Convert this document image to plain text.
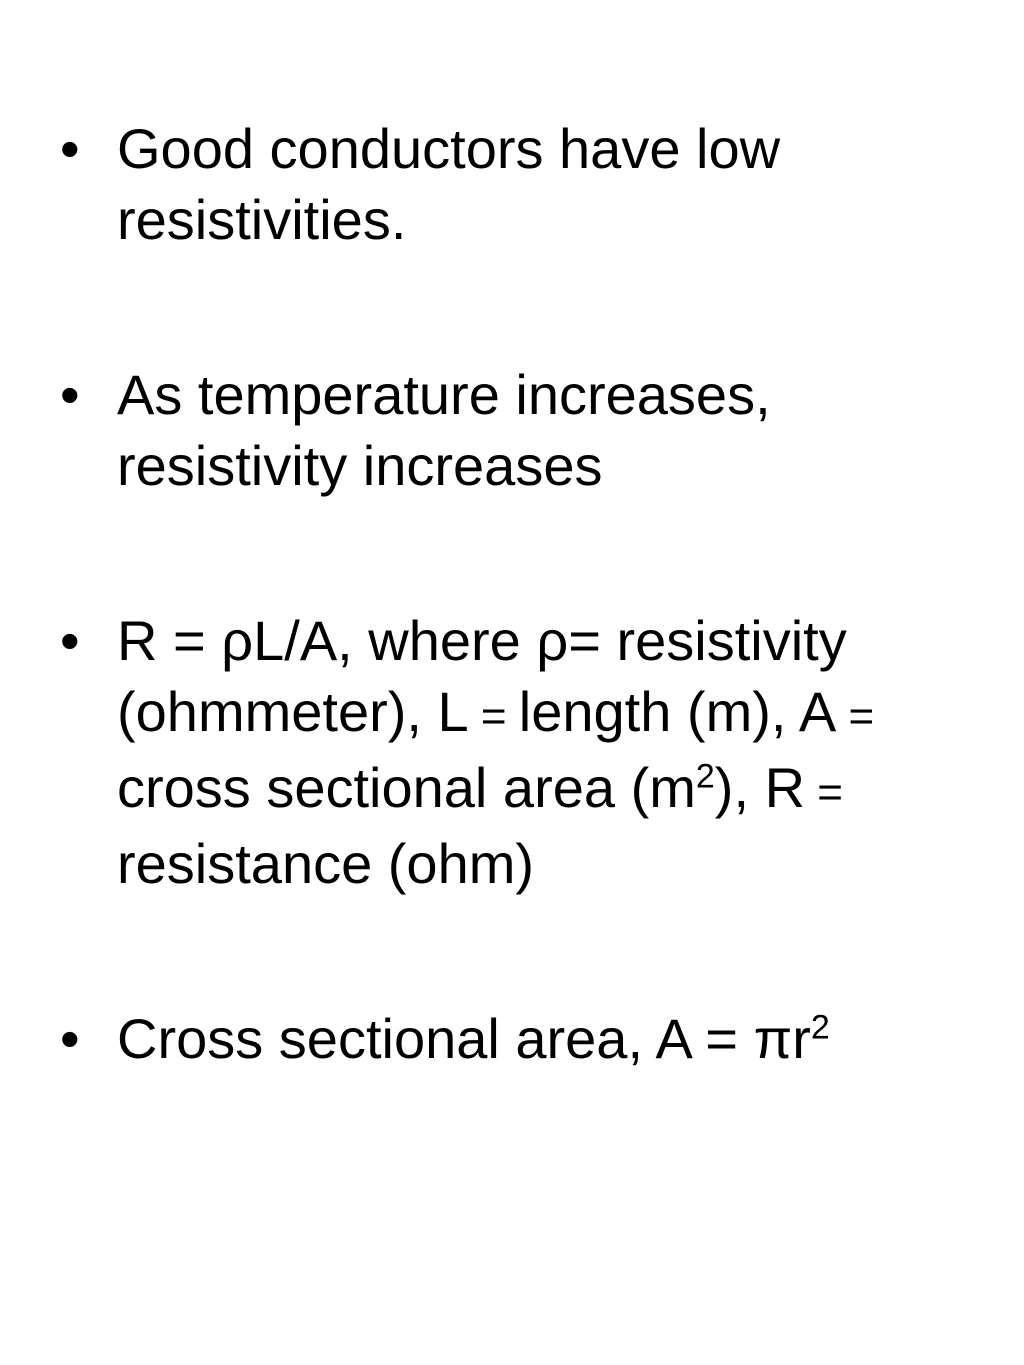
• Good conductors have low
resistivities.
• As temperature increases,
resistivity increases
• R = ρL/A, where ρ= resistivity
(ohmmeter), L = length (m), A =
cross sectional area $(m^2)$, R =
resistance (ohm)
• Cross sectional area, $A = \pi r^2$
